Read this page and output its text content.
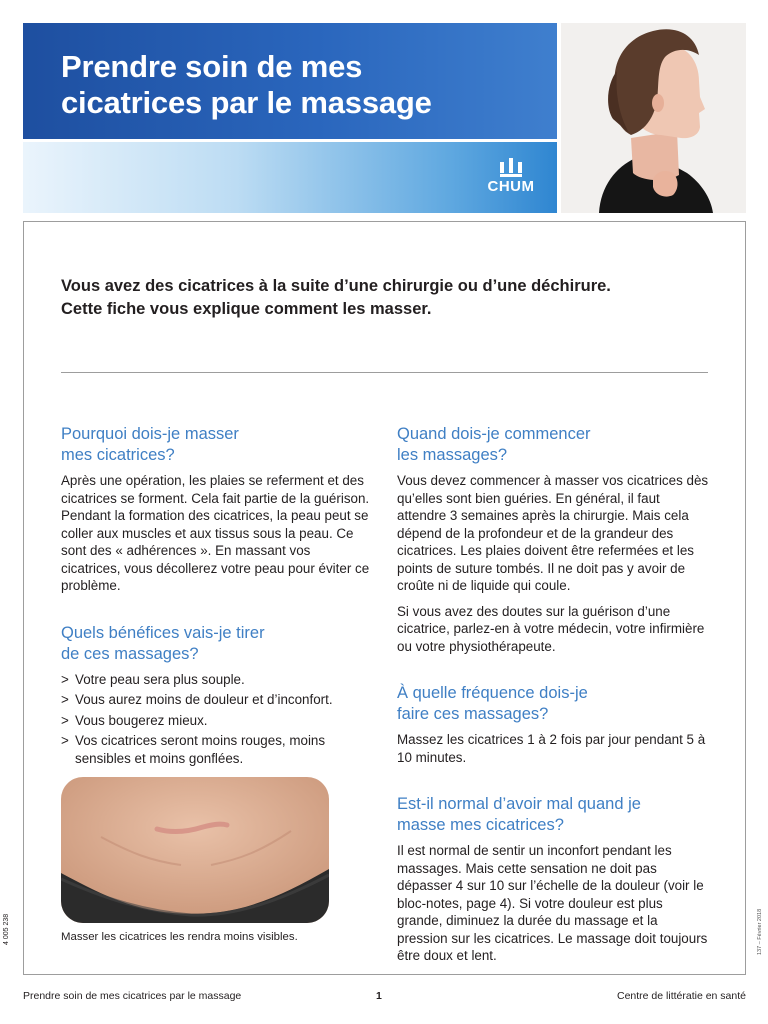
Prendre soin de mes
cicatrices par le massage
CHUM
Vous avez des cicatrices à la suite d’une chirurgie ou d’une déchirure.
Cette fiche vous explique comment les masser.
Pourquoi dois-je masser
mes cicatrices?

Après une opération, les plaies se referment et des cicatrices se forment. Cela fait partie de la guérison. Pendant la formation des cicatrices, la peau peut se coller aux muscles et aux tissus sous la peau. Ce sont des « adhérences ». En massant vos cicatrices, vous décollerez votre peau pour éviter ce problème.

Quels bénéfices vais-je tirer
de ces massages?
> Votre peau sera plus souple.
> Vous aurez moins de douleur et d’inconfort.
> Vous bougerez mieux.
> Vos cicatrices seront moins rouges, moins sensibles et moins gonflées.
Masser les cicatrices les rendra moins visibles.
Quand dois-je commencer
les massages?

Vous devez commencer à masser vos cicatrices dès qu’elles sont bien guéries. En général, il faut attendre 3 semaines après la chirurgie. Mais cela dépend de la profondeur et de la grandeur des cicatrices. Les plaies doivent être refermées et les points de suture tombés. Il ne doit pas y avoir de croûte ni de liquide qui coule.

Si vous avez des doutes sur la guérison d’une cicatrice, parlez-en à votre médecin, votre infirmière ou votre physiothérapeute.

À quelle fréquence dois-je
faire ces massages?

Massez les cicatrices 1 à 2 fois par jour pendant 5 à 10 minutes.

Est-il normal d’avoir mal quand je
masse mes cicatrices?

Il est normal de sentir un inconfort pendant les massages. Mais cette sensation ne doit pas dépasser 4 sur 10 sur l’échelle de la douleur (voir le bloc-notes, page 4). Si votre douleur est plus grande, diminuez la durée du massage et la pression sur les cicatrices. Le massage doit toujours être doux et lent.

4 005 238	137 – Février 2018
Prendre soin de mes cicatrices par le massage	1	Centre de littératie en santé
